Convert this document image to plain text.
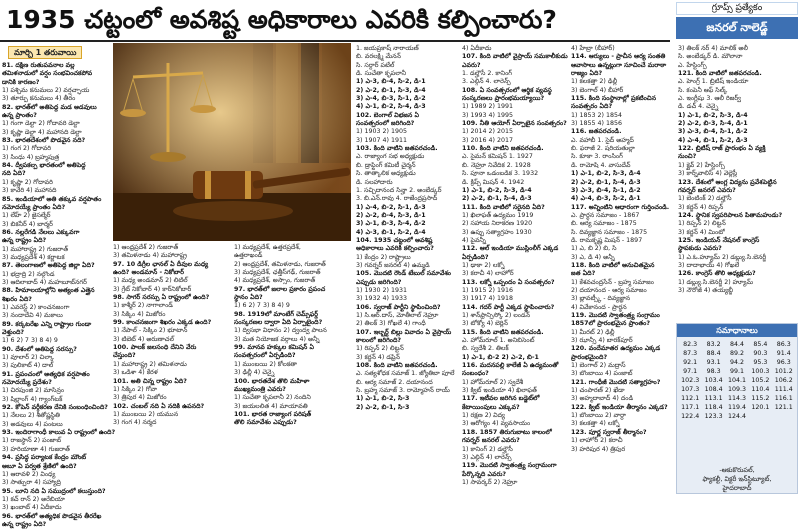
1935 చట్టంలో అవశిష్ట అధికారాలు ఎవరికి కల్పించారు?	గ్రూప్స్ ప్రత్యేకం
జనరల్ నాలెడ్జ్
మార్చి 1 తరువాయి

81. దక్షిణ రుతుపవనాల వల్ల

తమిళనాడులో వర్షం సంభవించకపోవ

డానికి కారణం?

1) పశ్చిమ కనుమలు 2) వర్షచ్ఛాయ

3) తూర్పు కనుమలు 4) తీరం

82. భారత్‌లో అతిపెద్ద మడ అడవులు

ఉన్న ప్రాంతం?

1) గంగా డెల్టా 2) గోదావరి డెల్టా

3) కృష్ణా డెల్టా 4) మహానది డెల్టా

83. భారతదేశంలో పొడవైన నది?

1) గంగ 2) గోదావరి

3) సింధు 4) బ్రహ్మపుత్ర

84. ద్వీపకల్ప భారతంలో అతిపెద్ద

నది ఏది?

1) కృష్ణా 2) గోదావరి

3) కావేరి 4) మహానది

85. ఇండియాలో అతి తక్కువ వర్షపాతం

నమోదయ్యే ప్రాంతం ఏది?

1) లేహ్ 2) జైసల్మేర్

3) బికనీర్ 4) బార్మర్

86. నల్లరేగడి నేలలు ఎక్కువగా

ఉన్న రాష్ట్రం ఏది?

1) మహారాష్ట్ర 2) గుజరాత్

3) మధ్యప్రదేశ్ 4) కర్ణాటక

87. తెలంగాణలో అతిపెద్ద జిల్లా ఏది?

1) భద్రాద్రి 2) నల్గొండ

3) ఆదిలాబాద్ 4) మహబూబ్‌నగర్

88. హిమాలయాల్లోని అత్యంత ఎత్తైన

శిఖరం ఏది?

1) ఎవరెస్ట్ 2) కాంచనజంగా

3) నందాదేవి 4) మకాలు

89. కర్కటరేఖ ఎన్ని రాష్ట్రాల గుండా

వెళ్తుంది?

1) 6 2) 7 3) 8 4) 9

90. దేశంలో అతిపెద్ద సరస్సు?

1) వూలార్ 2) చిల్కా

3) పులికాట్ 4) దాల్

91. ప్రపంచంలో అత్యధిక వర్షపాతం

నమోదయ్యే ప్రదేశం?

1) చిరపుంజి 2) మాసిన్రం

3) షిల్లాంగ్ 4) గ్యాంగ్‌టక్

92. కోపెన్ వర్గీకరణ దేనికి సంబంధించింది?

1) నేలలు 2) శీతోష్ణస్థితి

3) అడవులు 4) పంటలు

93. ఇందిరాగాంధీ కాలువ ఏ రాష్ట్రంలో ఉంది?

1) రాజస్థాన్ 2) పంజాబ్

3) హరియాణా 4) గుజరాత్

94. ప్రసిద్ధ పర్యాటక కేంద్రం మౌంట్

అబూ ఏ పర్వత శ్రేణిలో ఉంది?

1) ఆరావళి 2) వింధ్య

3) సాత్పురా 4) సహ్యాద్రి

95. లూని నది ఏ సముద్రంలో కలుస్తుంది?

1) కచ్ రాన్ 2) అరేబియా

3) ఖంబాట్ 4) ఏదీకాదు

96. భారత్‌లో అత్యధిక పొడవైన తీరరేఖ

ఉన్న రాష్ట్రం ఏది?

1) ఆంధ్రప్రదేశ్ 2) గుజరాత్

3) తమిళనాడు 4) మహారాష్ట్ర

97. 10 డిగ్రీల ఛానల్ ఏ దీవుల మధ్య

ఉంది? అండమాన్ - నికోబార్

1) మధ్య అండమాన్ 2) లిటిల్

3) గ్రేట్ నికోబార్ 4) కార్‌నికోబార్

98. సాగర్ సరస్సు ఏ రాష్ట్రంలో ఉంది?

1) కాశ్మీర్ 2) నాగాలాండ్

3) సిక్కిం 4) మిజోరం

99. కాంచనజంగా శిఖరం ఎక్కడ ఉంది?

1) నేపాల్ - సిక్కిం 2) భూటాన్

3) టిబెట్ 4) అరుణాచల్

100. పాలక్ జలసంధి దేనిని వేరు

చేస్తుంది?

1) మహారాష్ట్ర 2) తమిళనాడు

3) ఒడిశా 4) కేరళ

101. అతి చిన్న రాష్ట్రం ఏది?

1) సిక్కిం 2) గోవా

3) త్రిపుర 4) మిజోరం

102. చంబల్ నది ఏ నదికి ఉపనది?

1) ముంబయి 2) యమున

3) గంగ 4) నర్మద

1) మధ్యప్రదేశ్, ఉత్తరప్రదేశ్,

ఉత్తరాఖండ్

2) ఆంధ్రప్రదేశ్, తమిళనాడు, గుజరాత్

3) మధ్యప్రదేశ్, ఛత్తీస్‌గఢ్, గుజరాత్

4) మధ్యప్రదేశ్, అస్సాం, గుజరాత్

97. భారత్‌లో జలాల ప్రకారం ప్రపంచ

స్థానం ఏది?

1) 6 2) 7 3) 8 4) 9

98. 1919లో మాంటేగ్ చెమ్స్‌ఫర్డ్

సంస్కరణల ద్వారా ఏది ఏర్పాటైంది?

1) ద్విసభా విధానం 2) ద్వంద్వ పాలన

3) మత నియోజక వర్గాలు 4) అన్నీ

99. మానవ హక్కుల కమిషన్ ఏ

సంవత్సరంలో ఏర్పడింది?

1) ముంబయి 2) కోలకతా

3) ఢిల్లీ 4) చెన్నై

100. భారతదేశ తొలి మహిళా

ముఖ్యమంత్రి ఎవరు?

1) సుచేతా కృపలానీ 2) నందిని

3) జయలలిత 4) మాయావతి

101. భారత రాజ్యాంగ పరిషత్

తొలి సమావేశం ఎప్పుడు?

1. జయప్రకాష్ నారాయణ్

బి. వరలక్ష్మి మేనన్

సి. సర్దార్ పటేల్

డి. సుచేతా కృపలానీ

1) ఎ-3, బి-4, సి-2, డి-1

2) ఎ-2, బి-1, సి-3, డి-4

3) ఎ-4, బి-3, సి-1, డి-2

4) ఎ-1, బి-2, సి-4, డి-3

102. బెంగాల్‌ విభజన ఏ

సంవత్సరంలో జరిగింది?

1) 1903 2) 1905

3) 1907 4) 1911

103. కింది వాటిని జతపరచండి.

ఎ. రాజ్యాంగ సభ అధ్యక్షుడు

బి. డ్రాఫ్టింగ్ కమిటీ చైర్మన్

సి. తాత్కాలిక అధ్యక్షుడు

డి. సలహాదారు

1. సచ్చిదానంద సిన్హా 2. అంబేడ్కర్

3. బి.ఎన్.రావు 4. రాజేంద్రప్రసాద్

1) ఎ-4, బి-2, సి-1, డి-3

2) ఎ-2, బి-4, సి-3, డి-1

3) ఎ-1, బి-3, సి-4, డి-2

4) ఎ-3, బి-1, సి-2, డి-4

104. 1935 చట్టంలో అవశిష్ట

అధికారాలు ఎవరికి కల్పించారు?

1) కేంద్రం 2) రాష్ట్రాలు

3) గవర్నర్ జనరల్ 4) ఉమ్మడి

105. మొదటి రౌండ్ టేబుల్ సమావేశం

ఎప్పుడు జరిగింది?

1) 1930 2) 1931

3) 1932 4) 1933

106. స్వరాజ్ పార్టీని స్థాపించింది?

1) సి.ఆర్.దాస్, మోతీలాల్ నెహ్రూ

2) తిలక్ 3) గోఖలే 4) గాంధీ

107. ఇల్బర్ట్ బిల్లు వివాదం ఏ వైస్రాయ్

కాలంలో జరిగింది?

1) రిప్పన్ 2) లిట్టన్

3) కర్జన్ 4) డఫ్రిన్

108. కింది వాటిని జతపరచండి.

ఎ. సత్యశోధక సమాజ్ 1. జ్యోతిబా పూలే

బి. ఆర్య సమాజ్ 2. దయానంద

సి. బ్రహ్మ సమాజ్ 3. రామ్మోహన్ రాయ్

1) ఎ-1, బి-2, సి-3

2) ఎ-2, బి-1, సి-3

4) ఏదీకాదు

107. కింది వాటిలో వైస్రాయ్ సమకాలీకుడు

ఎవరు?

1. డల్హౌసీ 2. కానింగ్

3. ఎల్గిన్ 4. లారెన్స్

108. ఏ సంవత్సరంలో ఆర్థిక వ్యవస్థ

సంస్కరణలు ప్రారంభమయ్యాయి?

1) 1989 2) 1991

3) 1993 4) 1995

109. నీతి ఆయోగ్ ఏర్పాటైన సంవత్సరం?

1) 2014 2) 2015

3) 2016 4) 2017

110. కింది వాటిని జతపరచండి.

ఎ. సైమన్ కమిషన్ 1. 1927

బి. నెహ్రూ నివేదిక 2. 1928

సి. పూనా ఒడంబడిక 3. 1932

డి. క్రిప్స్ మిషన్ 4. 1942

1) ఎ-1, బి-2, సి-3, డి-4

2) ఎ-2, బి-1, సి-4, డి-3

111. కింది వాటిలో సరైనది ఏది?

1) ఖిలాఫత్ ఉద్యమం 1919

2) సహాయ నిరాకరణ 1920

3) ఉప్పు సత్యాగ్రహం 1930

4) పైవన్నీ

112. ఆల్ ఇండియా ముస్లింలీగ్ ఎక్కడ

ఏర్పడింది?

1) ఢాకా 2) లక్నో

3) కరాచీ 4) లాహోర్

113. లక్నో ఒప్పందం ఏ సంవత్సరం?

1) 1915 2) 1916

3) 1917 4) 1918

114. గదర్ పార్టీ ఎక్కడ స్థాపించారు?

1) శాన్‌ఫ్రాన్సిస్కో 2) లండన్

3) టోక్యో 4) బెర్లిన్

115. కింది వాటిని జతపరచండి.

ఎ. హోమ్‌రూల్ 1. అనిబిసెంట్

బి. స్వదేశీ 2. తిలక్

1) ఎ-1, బి-2 2) ఎ-2, బి-1

116. మదనపల్లి కాలేజీ ఏ ఉద్యమంతో

సంబంధం?

1) హోమ్‌రూల్ 2) స్వదేశీ

3) క్విట్ ఇండియా 4) ఖిలాఫత్

117. ఇటీవల జరిగిన బడ్జెట్‌లో

కేటాయింపులు ఎక్కువ?

1) రక్షణ 2) విద్య

3) ఆరోగ్యం 4) వ్యవసాయం

118. 1857 తిరుగుబాటు కాలంలో

గవర్నర్ జనరల్ ఎవరు?

1) కానింగ్ 2) డల్హౌసీ

3) ఎల్గిన్ 4) లారెన్స్

119. మొదటి స్వాతంత్ర్య సంగ్రామంగా

పేర్కొన్నది ఎవరు?

1) సావర్కర్ 2) నెహ్రూ

4) హేబ్రా (బీహార్)

114. ఆర్యులు - ప్రాచీన ఆర్య సంతతి

ఆవాసాలు ఉన్నట్లుగా సూచించే మరాఠా

రాజ్యం ఏది?

1) కలకత్తా 2) ఢిల్లీ

3) బెంగాల్ 4) బీహార్

115. కింది సంస్థానాల్లో ప్రకటించిన

సంవత్సరం ఏది?

1) 1853 2) 1854

3) 1855 4) 1856

116. జతపరచండి.

ఎ. వహాబీ 1. సైద్ అహ్మద్

బి. ఫరాజీ 2. షరియతుల్లా

సి. కూకా 3. రాంసింగ్

డి. రామోషి 4. వాసుదేవ్

1) ఎ-1, బి-2, సి-3, డి-4

2) ఎ-2, బి-1, సి-4, డి-3

3) ఎ-3, బి-4, సి-1, డి-2

4) ఎ-4, బి-3, సి-2, డి-1

117. అన్నింటిని ఆధారంగా గుర్తించండి.

ఎ. ప్రార్థన సమాజం - 1867

బి. ఆర్య సమాజం - 1875

సి. దివ్యజ్ఞాన సమాజం - 1875

డి. రామకృష్ణ మిషన్ - 1897

1) ఎ, బి 2) బి, సి

3) ఎ, డి 4) అన్నీ

118. కింది వాటిలో అనుచితమైన

జత ఏది?

1) కేశవచంద్రసేన్ - బ్రహ్మ సమాజం

2) దయానంద - ఆర్య సమాజం

3) బ్లావట్స్కీ - దివ్యజ్ఞాన

4) వివేకానంద - ప్రార్థన

119. మొదటి స్వాతంత్ర్య సంగ్రామం

1857లో ప్రారంభమైన ప్రాంతం?

1) మీరట్ 2) ఢిల్లీ

3) ఝాన్సీ 4) బారక్‌పూర్

120. వందేమాతర ఉద్యమం ఎక్కడ

ప్రారంభమైంది?

1) బెంగాల్ 2) మద్రాస్

3) బొంబాయి 4) పంజాబ్

121. గాంధీజీ మొదటి సత్యాగ్రహం?

1) చంపారణ్ 2) ఖేడా

3) అహ్మదాబాద్ 4) దండి

122. క్విట్ ఇండియా తీర్మానం ఎక్కడ?

1) బొంబాయి 2) వార్ధా

3) కలకత్తా 4) లక్నో

123. పూర్ణ స్వరాజ్ తీర్మానం?

1) లాహోర్ 2) కరాచీ

3) హరిపుర 4) త్రిపుర

3) తిలక్‌ నర్ 4) మాలిక్ అలీ

సి. అంబేడ్కర్ డి. మౌలానా

ఎ. హేస్టింగ్స్

121. కింది వాటిలో జతపరచండి.

ఎ. హెంగ్ర్ 1. బ్రిటిష్ ఇండియా

సి. కంపెనీ ఆఫ్ సిల్క్

ఎ. ఇంగ్లీషు 3. ఆలీ రిజర్వ్

డి. డచ్ 4. చెన్నై

1) ఎ-1, బి-2, సి-3, డి-4

2) ఎ-2, బి-3, సి-4, డి-1

3) ఎ-3, బి-4, సి-1, డి-2

4) ఎ-4, బి-1, సి-2, డి-3

122. బ్రిటిష్ రాజ్ ప్రారంభం ఏ వ్యక్తి

నుంచి?

1) క్లైవ్ 2) హేస్టింగ్స్

3) కార్న్‌వాలిస్ 4) వెల్లెస్లీ

123. దేశంలో ఆంగ్ల విద్యను ప్రవేశపెట్టిన

గవర్నర్ జనరల్ ఎవరు?

1) బెంటింక్ 2) డల్హౌసీ

3) కర్జన్ 4) రిప్పన్

124. స్థానిక స్వపరిపాలన పితామహుడు?

1) రిప్పన్ 2) లిట్టన్

3) కర్జన్ 4) మింటో

125. ఇండియన్ నేషనల్ కాంగ్రెస్

స్థాపకుడు ఎవరు?

1) ఎ.ఓ.హ్యూమ్ 2) డబ్ల్యు.సి.బెనర్జీ

3) దాదాభాయ్ 4) గోఖలే

126. కాంగ్రెస్ తొలి అధ్యక్షుడు?

1) డబ్ల్యు.సి.బెనర్జీ 2) హ్యూమ్

3) నౌరోజీ 4) తయ్యబ్జీ

సమాధానాలు
82.3	83.2	84.4	85.4	86.3
87.3	88.4	89.2	90.3	91.4
92.1	93.1	94.2	95.3	96.3
97.1	98.3	99.1	100.3 101.2
102.3 103.4 104.1 105.2 106.2
107.3 108.4 109.3 110.4 111.4
112.1 113.1 114.3 115.2 116.1
117.1 118.4 119.4 120.1 121.1
122.4 123.3 124.4
-ఆకుకొరుపల్,
ఫ్యాకల్టీ, విక్టరీ ఇన్‌స్టిట్యూట్,
హైదరాబాద్
